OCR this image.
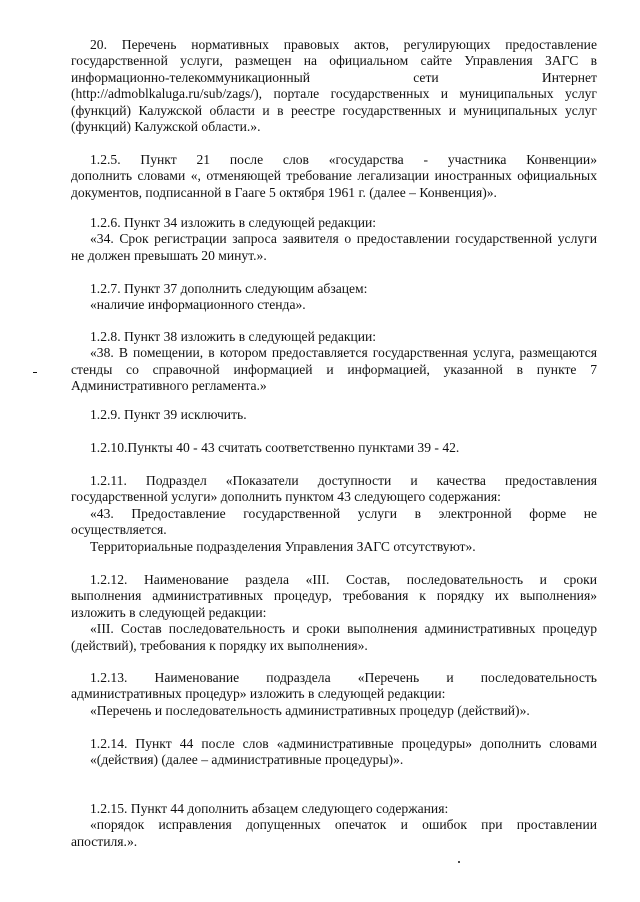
20. Перечень нормативных правовых актов, регулирующих предоставление
государственной услуги, размещен на официальном сайте Управления ЗАГС в
информационно-телекоммуникационный сети Интернет
(http://admoblkaluga.ru/sub/zags/), портале государственных и муниципальных услуг
(функций) Калужской области и в реестре государственных и муниципальных услуг
(функций) Калужской области.».
1.2.5. Пункт 21 после слов «государства - участника Конвенции»
дополнить словами «, отменяющей требование легализации иностранных официальных
документов, подписанной в Гааге 5 октября 1961 г. (далее – Конвенция)».
1.2.6. Пункт 34 изложить в следующей редакции:
«34. Срок регистрации запроса заявителя о предоставлении государственной услуги
не должен превышать 20 минут.».
1.2.7. Пункт 37 дополнить следующим абзацем:
«наличие информационного стенда».
1.2.8. Пункт 38 изложить в следующей редакции:
«38. В помещении, в котором предоставляется государственная услуга, размещаются
стенды со справочной информацией и информацией, указанной в пункте 7
Административного регламента.»
1.2.9. Пункт 39 исключить.
1.2.10.Пункты 40 - 43 считать соответственно пунктами 39 - 42.
1.2.11. Подраздел «Показатели доступности и качества предоставления
государственной услуги» дополнить пунктом 43 следующего содержания:
«43. Предоставление государственной услуги в электронной форме не
осуществляется.
Территориальные подразделения Управления ЗАГС отсутствуют».
1.2.12. Наименование раздела «III. Состав, последовательность и сроки
выполнения административных процедур, требования к порядку их выполнения»
изложить в следующей редакции:
«III. Состав последовательность и сроки выполнения административных процедур
(действий), требования к порядку их выполнения».
1.2.13. Наименование подраздела «Перечень и последовательность
административных процедур» изложить в следующей редакции:
«Перечень и последовательность административных процедур (действий)».
1.2.14. Пункт 44 после слов «административные процедуры» дополнить словами
«(действия) (далее – административные процедуры)».
1.2.15. Пункт 44 дополнить абзацем следующего содержания:
«порядок исправления допущенных опечаток и ошибок при проставлении
апостиля.».
